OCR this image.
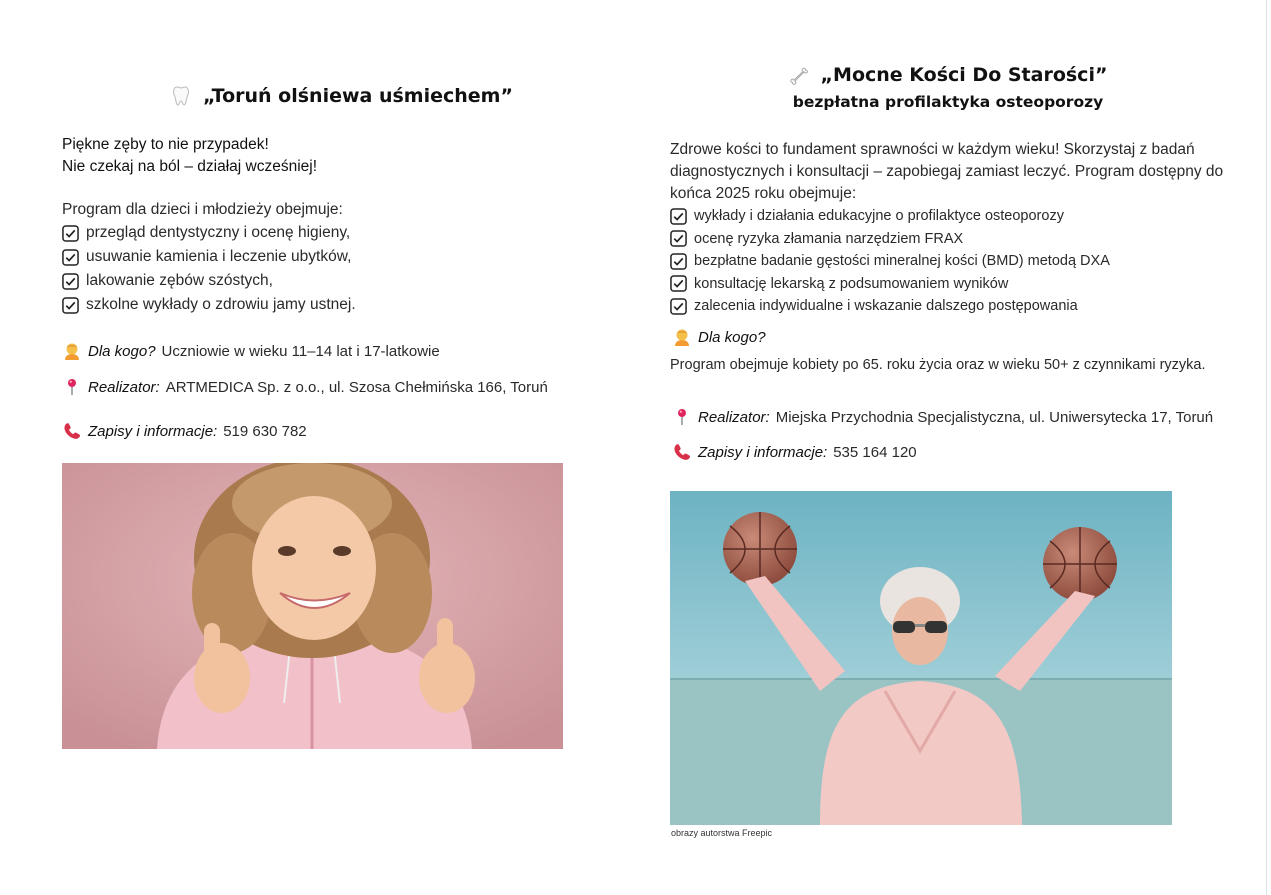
„Toruń olśniewa uśmiechem”
Piękne zęby to nie przypadek!
Nie czekaj na ból – działaj wcześniej!
Program dla dzieci i młodzieży obejmuje:
przegląd dentystyczny i ocenę higieny,
usuwanie kamienia i leczenie ubytków,
lakowanie zębów szóstych,
szkolne wykłady o zdrowiu jamy ustnej.
Dla kogo? Uczniowie w wieku 11–14 lat i 17-latkowie
Realizator: ARTMEDICA Sp. z o.o., ul. Szosa Chełmińska 166, Toruń
Zapisy i informacje: 519 630 782
„Mocne Kości Do Starości”
bezpłatna profilaktyka osteoporozy
Zdrowe kości to fundament sprawności w każdym wieku! Skorzystaj z badań diagnostycznych i konsultacji – zapobiegaj zamiast leczyć. Program dostępny do końca 2025 roku obejmuje:
wykłady i działania edukacyjne o profilaktyce osteoporozy
ocenę ryzyka złamania narzędziem FRAX
bezpłatne badanie gęstości mineralnej kości (BMD) metodą DXA
konsultację lekarską z podsumowaniem wyników
zalecenia indywidualne i wskazanie dalszego postępowania
Dla kogo?
Program obejmuje kobiety po 65. roku życia oraz w wieku 50+ z czynnikami ryzyka.
Realizator: Miejska Przychodnia Specjalistyczna, ul. Uniwersytecka 17, Toruń
Zapisy i informacje: 535 164 120
obrazy autorstwa Freepic
